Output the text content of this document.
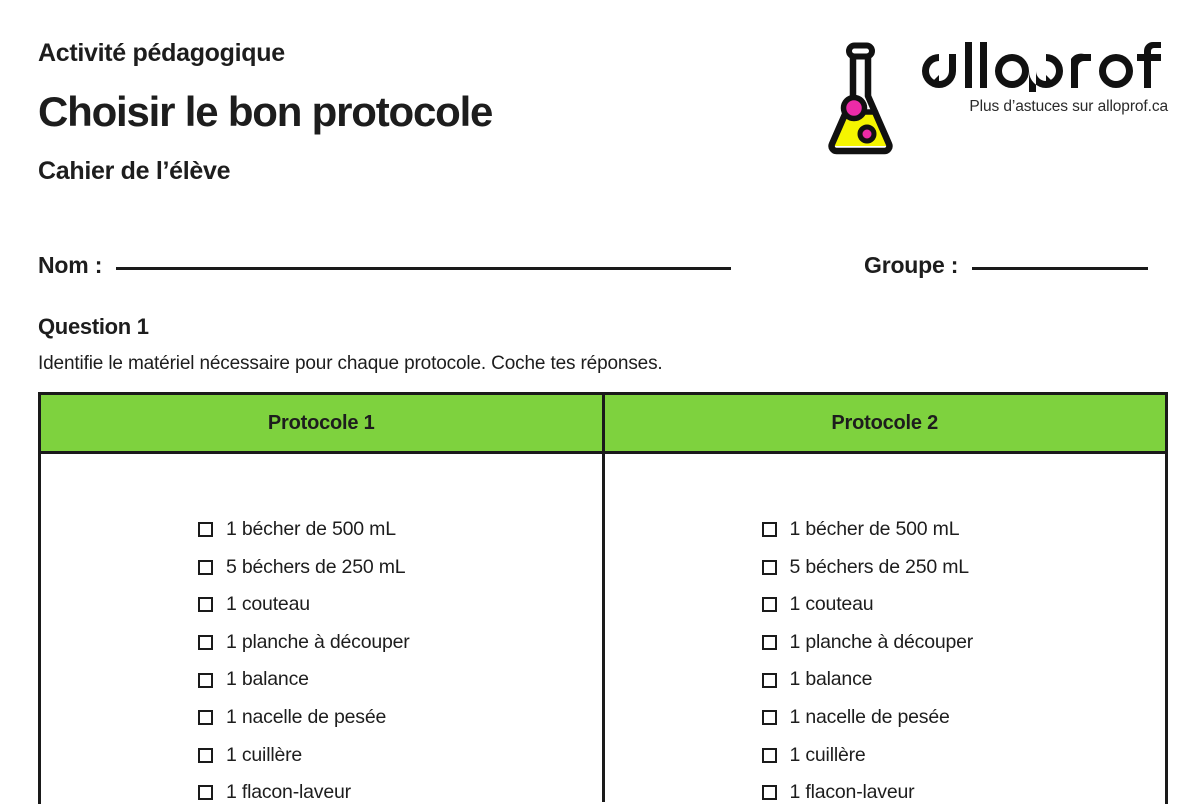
Activité pédagogique

Choisir le bon protocole

Cahier de l’élève

Plus d’astuces sur alloprof.ca
Nom :	Groupe :
Question 1

Identifie le matériel nécessaire pour chaque protocole. Coche tes réponses.

Protocole 1	Protocole 2
1 bécher de 500 mL
5 béchers de 250 mL
1 couteau
1 planche à découper
1 balance
1 nacelle de pesée
1 cuillère
1 flacon-laveur
1 bécher de 500 mL
5 béchers de 250 mL
1 couteau
1 planche à découper
1 balance
1 nacelle de pesée
1 cuillère
1 flacon-laveur
